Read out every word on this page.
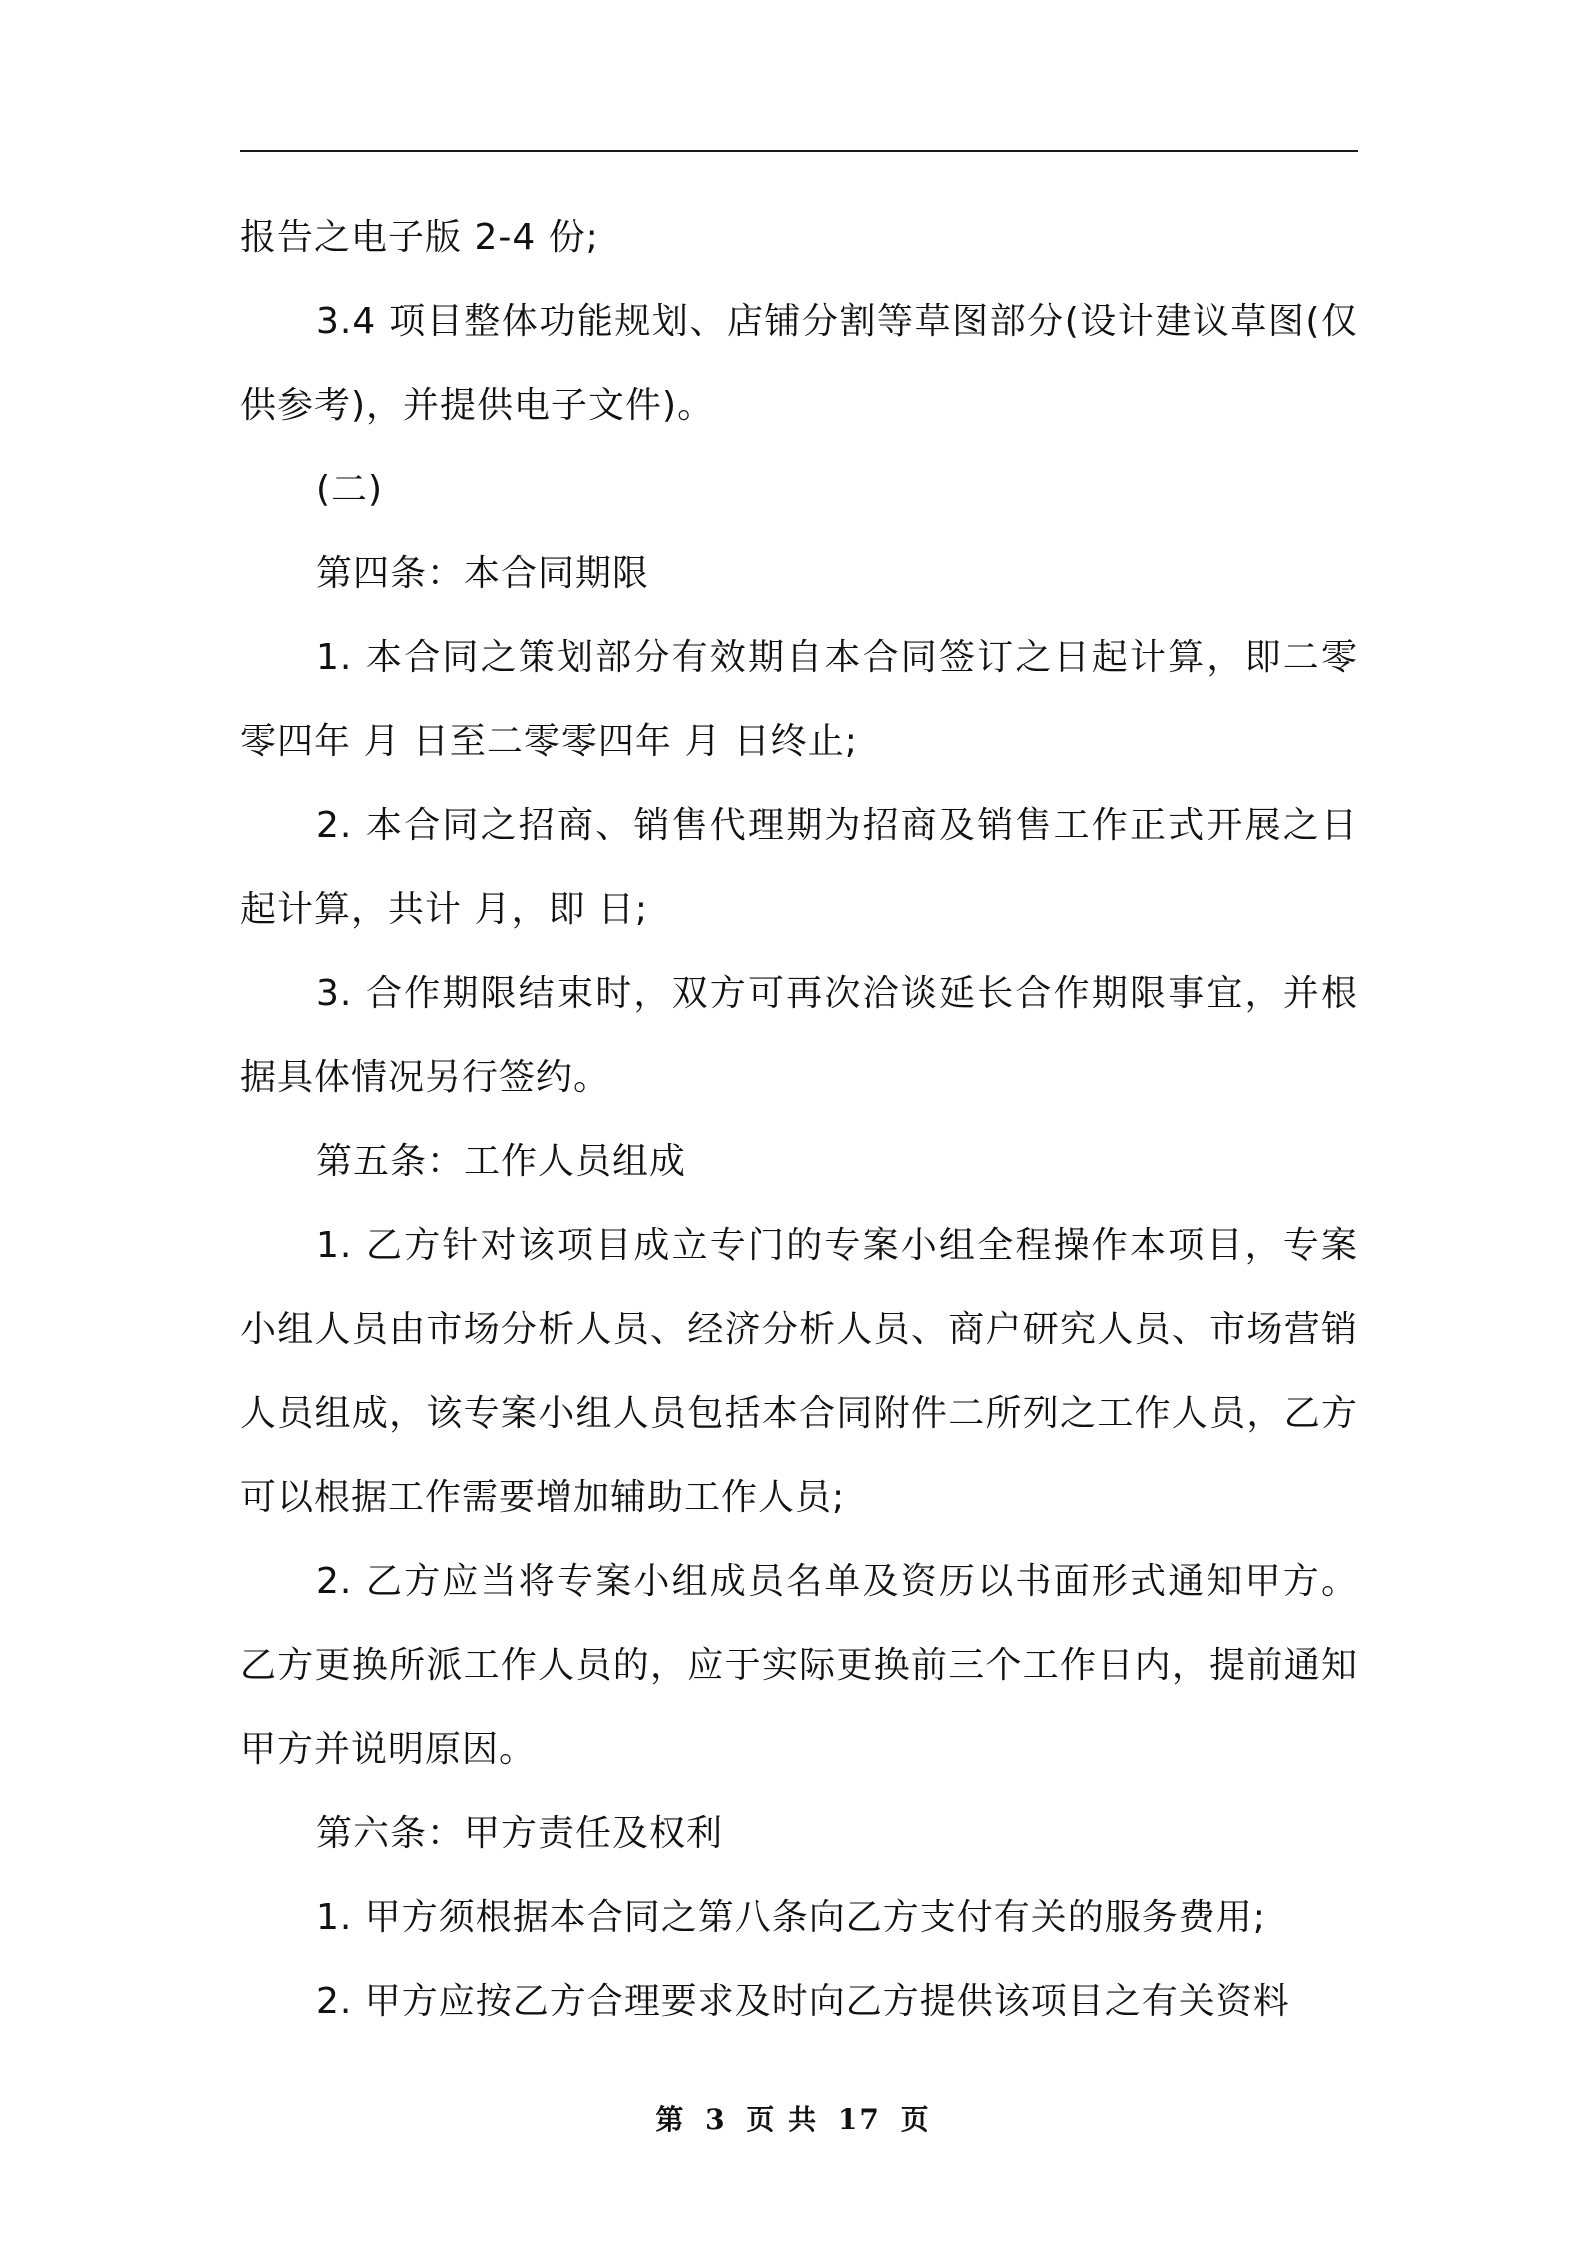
报告之电子版 2-4 份;

3.4 项目整体功能规划、店铺分割等草图部分(设计建议草图(仅供参考)，并提供电子文件)。

(二)

第四条：本合同期限

1. 本合同之策划部分有效期自本合同签订之日起计算，即二零零四年 月 日至二零零四年 月 日终止;

2. 本合同之招商、销售代理期为招商及销售工作正式开展之日起计算，共计 月，即 日;

3. 合作期限结束时，双方可再次洽谈延长合作期限事宜，并根据具体情况另行签约。

第五条：工作人员组成

1. 乙方针对该项目成立专门的专案小组全程操作本项目，专案小组人员由市场分析人员、经济分析人员、商户研究人员、市场营销人员组成，该专案小组人员包括本合同附件二所列之工作人员，乙方可以根据工作需要增加辅助工作人员;

2. 乙方应当将专案小组成员名单及资历以书面形式通知甲方。乙方更换所派工作人员的，应于实际更换前三个工作日内，提前通知甲方并说明原因。

第六条：甲方责任及权利

1. 甲方须根据本合同之第八条向乙方支付有关的服务费用;

2. 甲方应按乙方合理要求及时向乙方提供该项目之有关资料

第 3 页 共 17 页
